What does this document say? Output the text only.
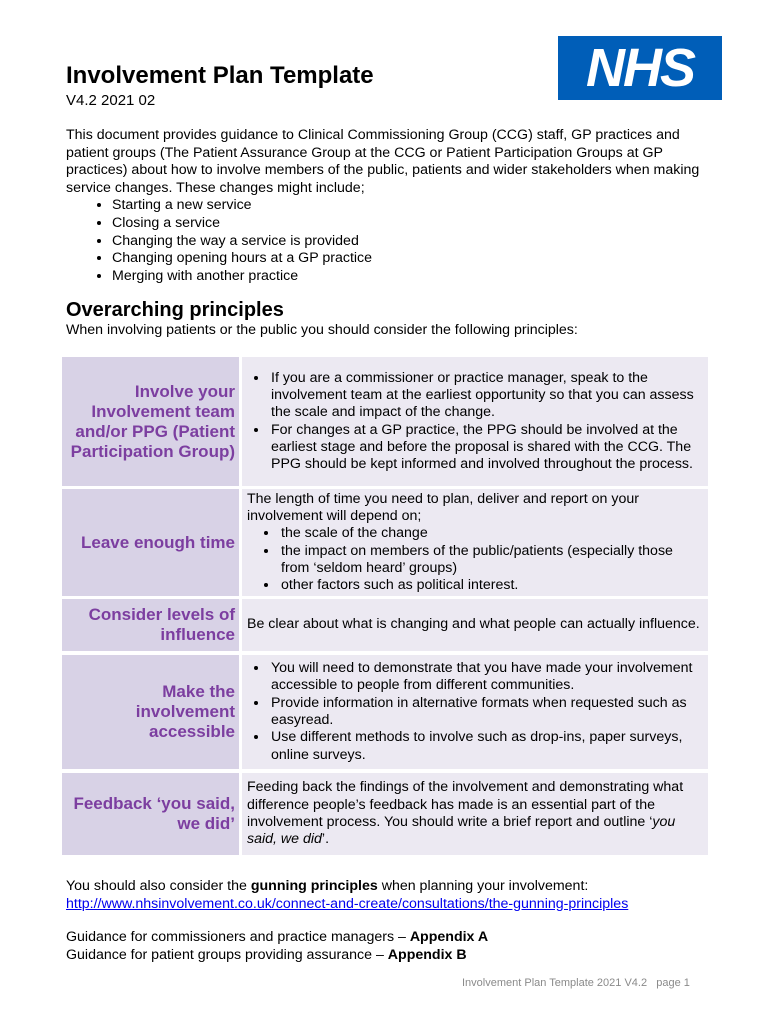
Involvement Plan Template
V4.2 2021 02
NHS
This document provides guidance to Clinical Commissioning Group (CCG) staff, GP practices and patient groups (The Patient Assurance Group at the CCG or Patient Participation Groups at GP practices) about how to involve members of the public, patients and wider stakeholders when making service changes. These changes might include;
• Starting a new service
• Closing a service
• Changing the way a service is provided
• Changing opening hours at a GP practice
• Merging with another practice
Overarching principles
When involving patients or the public you should consider the following principles:
Involve your Involvement team and/or PPG (Patient Participation Group)
• If you are a commissioner or practice manager, speak to the involvement team at the earliest opportunity so that you can assess the scale and impact of the change.
• For changes at a GP practice, the PPG should be involved at the earliest stage and before the proposal is shared with the CCG. The PPG should be kept informed and involved throughout the process.
Leave enough time
The length of time you need to plan, deliver and report on your involvement will depend on;
• the scale of the change
• the impact on members of the public/patients (especially those from ‘seldom heard’ groups)
• other factors such as political interest.
Consider levels of influence
Be clear about what is changing and what people can actually influence.
Make the involvement accessible
• You will need to demonstrate that you have made your involvement accessible to people from different communities.
• Provide information in alternative formats when requested such as easyread.
• Use different methods to involve such as drop-ins, paper surveys, online surveys.
Feedback ‘you said, we did’
Feeding back the findings of the involvement and demonstrating what difference people’s feedback has made is an essential part of the involvement process. You should write a brief report and outline ‘you said, we did’.
You should also consider the gunning principles when planning your involvement:
http://www.nhsinvolvement.co.uk/connect-and-create/consultations/the-gunning-principles
Guidance for commissioners and practice managers – Appendix A
Guidance for patient groups providing assurance – Appendix B
Involvement Plan Template 2021 V4.2 page 1
